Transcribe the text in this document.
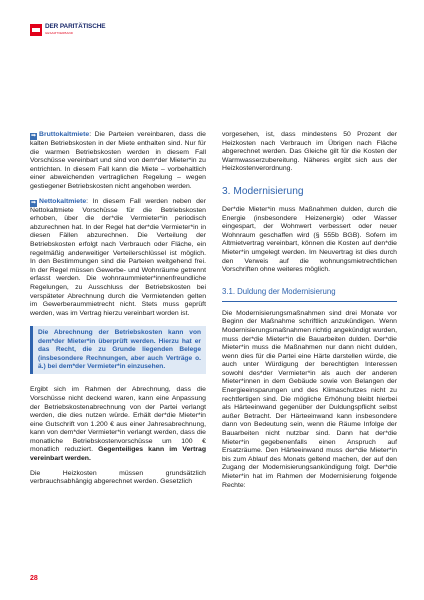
DER PARITÄTISCHE
GESAMTVERBAND

➡ Bruttokaltmiete: Die Parteien vereinbaren, dass die kalten Betriebskosten in der Miete enthalten sind. Nur für die warmen Betriebskosten werden in diesem Fall Vorschüsse vereinbart und sind von dem*der Mieter*in zu entrichten. In diesem Fall kann die Miete – vorbehaltlich einer abweichenden vertraglichen Regelung – wegen gestiegener Betriebskosten nicht angehoben werden.

➡ Nettokaltmiete: In diesem Fall werden neben der Nettokaltmiete Vorschüsse für die Betriebskosten erhoben, über die der*die Vermieter*in periodisch abzurechnen hat. In der Regel hat der*die Vermieter*in in diesen Fällen abzurechnen. Die Verteilung der Betriebskosten erfolgt nach Verbrauch oder Fläche, ein regelmäßig anderweitiger Verteilerschlüssel ist möglich. In den Bestimmungen sind die Parteien weitgehend frei. In der Regel müssen Gewerbe- und Wohnräume getrennt erfasst werden. Die wohnraummieter*innenfreundliche Regelungen, zu Ausschluss der Betriebskosten bei verspäteter Abrechnung durch die Vermietenden gelten im Gewerberaummietrecht nicht. Stets muss geprüft werden, was im Vertrag hierzu vereinbart worden ist.

Die Abrechnung der Betriebskosten kann von dem*der Mieter*in überprüft werden. Hierzu hat er das Recht, die zu Grunde liegenden Belege (insbesondere Rechnungen, aber auch Verträge o. ä.) bei dem*der Vermieter*in einzusehen.

Ergibt sich im Rahmen der Abrechnung, dass die Vorschüsse nicht deckend waren, kann eine Anpassung der Betriebskostenabrechnung von der Partei verlangt werden, die dies nutzen würde. Erhält der*die Mieter*in eine Gutschrift von 1.200 € aus einer Jahresabrechnung, kann von dem*der Vermieter*in verlangt werden, dass die monatliche Betriebskostenvorschüsse um 100 € monatlich reduziert. Gegenteiliges kann im Vertrag vereinbart werden.

Die Heizkosten müssen grundsätzlich verbrauchsabhängig abgerechnet werden. Gesetzlich

vorgesehen, ist, dass mindestens 50 Prozent der Heizkosten nach Verbrauch im Übrigen nach Fläche abgerechnet werden. Das Gleiche gilt für die Kosten der Warmwasserzubereitung. Näheres ergibt sich aus der Heizkostenverordnung.

3. Modernisierung

Der*die Mieter*in muss Maßnahmen dulden, durch die Energie (insbesondere Heizenergie) oder Wasser eingespart, der Wohnwert verbessert oder neuer Wohnraum geschaffen wird (§ 555b BGB). Sofern im Altmietvertrag vereinbart, können die Kosten auf den*die Mieter*in umgelegt werden. Im Neuvertrag ist dies durch den Verweis auf die wohnungsmietrechtlichen Vorschriften ohne weiteres möglich.

3.1. Duldung der Modernisierung

Die Modernisierungsmaßnahmen sind drei Monate vor Beginn der Maßnahme schriftlich anzukündigen. Wenn Modernisierungsmaßnahmen richtig angekündigt wurden, muss der*die Mieter*in die Bauarbeiten dulden. Der*die Mieter*in muss die Maßnahmen nur dann nicht dulden, wenn dies für die Partei eine Härte darstellen würde, die auch unter Würdigung der berechtigten Interessen sowohl des*der Vermieter*in als auch der anderen Mieter*innen in dem Gebäude sowie von Belangen der Energieeinsparungen und des Klimaschutzes nicht zu rechtfertigen sind. Die mögliche Erhöhung bleibt hierbei als Härteeinwand gegenüber der Duldungspflicht selbst außer Betracht. Der Härteeinwand kann insbesondere dann von Bedeutung sein, wenn die Räume Infolge der Bauarbeiten nicht nutzbar sind. Dann hat der*die Mieter*in gegebenenfalls einen Anspruch auf Ersatzräume. Den Härteeinwand muss der*die Mieter*in bis zum Ablauf des Monats geltend machen, der auf den Zugang der Modernisierungsankündigung folgt. Der*die Mieter*in hat im Rahmen der Modernisierung folgende Rechte:

28
